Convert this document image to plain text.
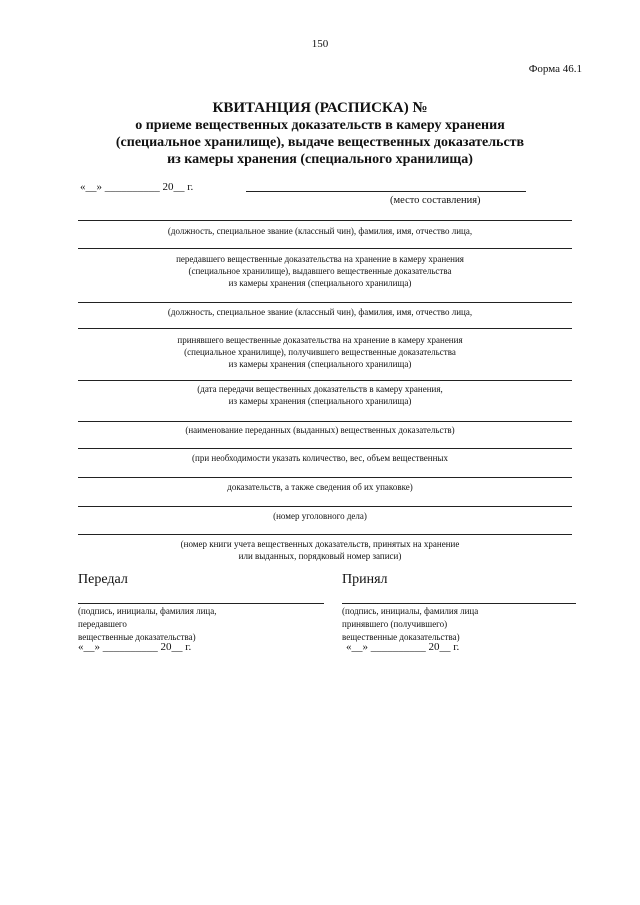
150
Форма 46.1
КВИТАНЦИЯ (РАСПИСКА) №
о приеме вещественных доказательств в камеру хранения
(специальное хранилище), выдаче вещественных доказательств
из камеры хранения (специального хранилища)
«__» __________ 20__ г.
(место составления)
(должность, специальное звание (классный чин), фамилия, имя, отчество лица,
передавшего вещественные доказательства на хранение в камеру хранения
(специальное хранилище), выдавшего вещественные доказательства
из камеры хранения (специального хранилища)
(должность, специальное звание (классный чин), фамилия, имя, отчество лица,
принявшего вещественные доказательства на хранение в камеру хранения
(специальное хранилище), получившего вещественные доказательства
из камеры хранения (специального хранилища)
(дата передачи вещественных доказательств в камеру хранения,
из камеры хранения (специального хранилища)
(наименование переданных (выданных) вещественных доказательств)
(при необходимости указать количество, вес, объем вещественных
доказательств, а также сведения об их упаковке)
(номер уголовного дела)
(номер книги учета вещественных доказательств, принятых на хранение
или выданных, порядковый номер записи)
Передал	Принял
(подпись, инициалы, фамилия лица,
передавшего
вещественные доказательства)
(подпись, инициалы, фамилия лица
принявшего (получившего)
вещественные доказательства)
«__» __________ 20__ г.	«__» __________ 20__ г.
